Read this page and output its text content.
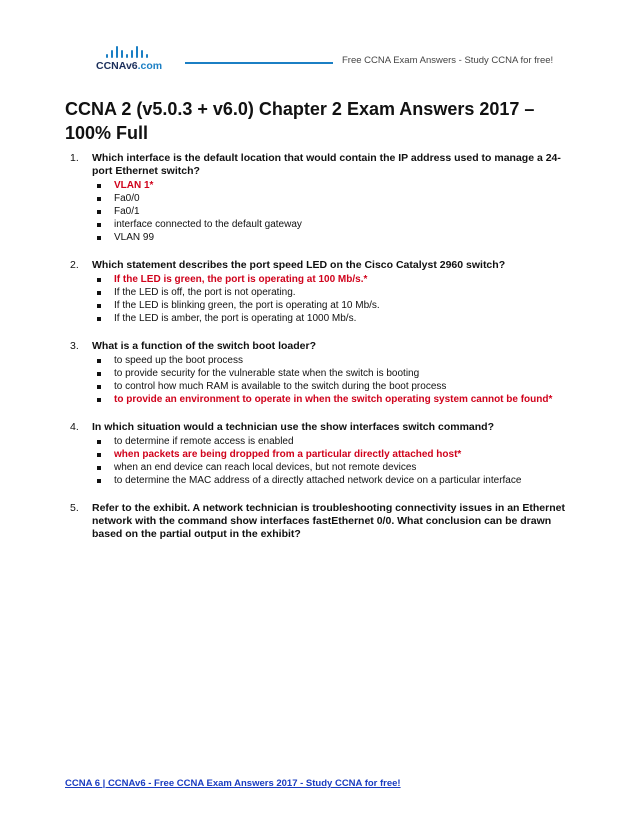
CCNAv6.com	Free CCNA Exam Answers - Study CCNA for free!
CCNA 2 (v5.0.3 + v6.0) Chapter 2 Exam Answers 2017 – 100% Full
1. Which interface is the default location that would contain the IP address used to manage a 24-port Ethernet switch?
VLAN 1*
Fa0/0
Fa0/1
interface connected to the default gateway
VLAN 99
2. Which statement describes the port speed LED on the Cisco Catalyst 2960 switch?
If the LED is green, the port is operating at 100 Mb/s.*
If the LED is off, the port is not operating.
If the LED is blinking green, the port is operating at 10 Mb/s.
If the LED is amber, the port is operating at 1000 Mb/s.
3. What is a function of the switch boot loader?
to speed up the boot process
to provide security for the vulnerable state when the switch is booting
to control how much RAM is available to the switch during the boot process
to provide an environment to operate in when the switch operating system cannot be found*
4. In which situation would a technician use the show interfaces switch command?
to determine if remote access is enabled
when packets are being dropped from a particular directly attached host*
when an end device can reach local devices, but not remote devices
to determine the MAC address of a directly attached network device on a particular interface
5. Refer to the exhibit. A network technician is troubleshooting connectivity issues in an Ethernet network with the command show interfaces fastEthernet 0/0. What conclusion can be drawn based on the partial output in the exhibit?
CCNA 6 | CCNAv6 - Free CCNA Exam Answers 2017 - Study CCNA for free!
